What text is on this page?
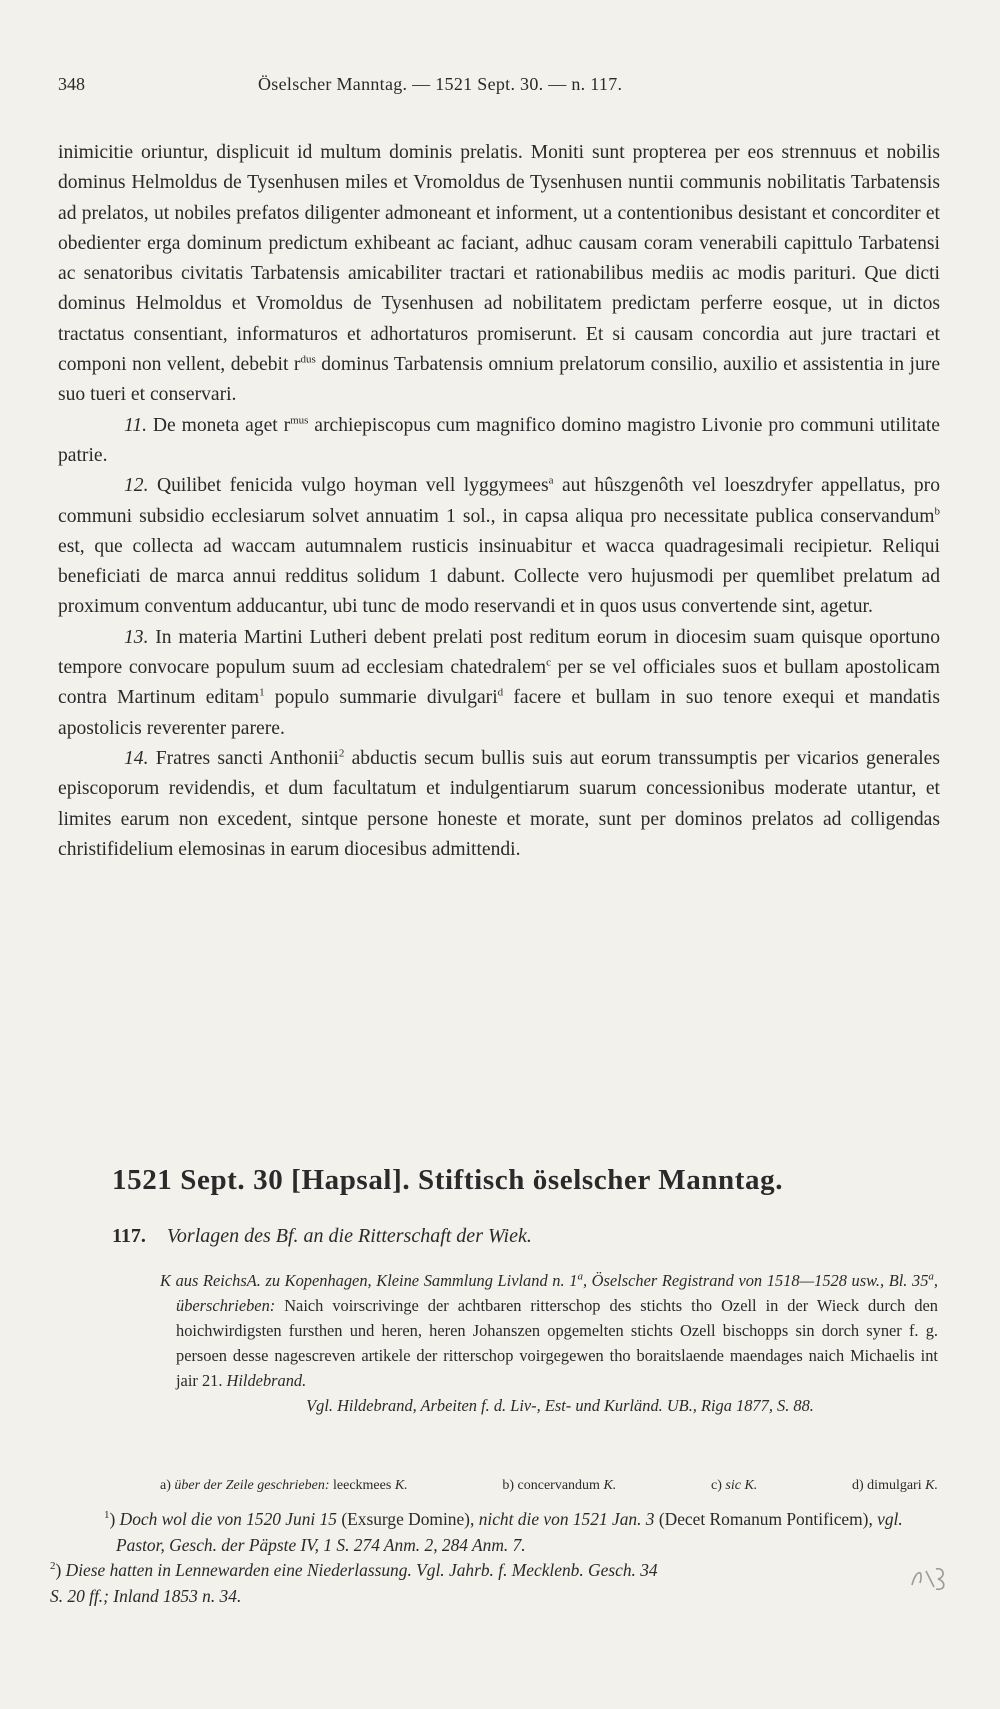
348	Öselscher Manntag. — 1521 Sept. 30. — n. 117.

inimicitie oriuntur, displicuit id multum dominis prelatis. Moniti sunt propterea per eos strennuus et nobilis dominus Helmoldus de Tysenhusen miles et Vromoldus de Tysenhusen nuntii communis nobilitatis Tarbatensis ad prelatos, ut nobiles prefatos diligenter admoneant et informent, ut a contentionibus desistant et concorditer et obedienter erga dominum predictum exhibeant ac faciant, adhuc causam coram venerabili capittulo Tarbatensi ac senatoribus civitatis Tarbatensis amicabiliter tractari et rationabilibus mediis ac modis parituri. Que dicti dominus Helmoldus et Vromoldus de Tysenhusen ad nobilitatem predictam perferre eosque, ut in dictos tractatus consentiant, informaturos et adhortaturos promiserunt. Et si causam concordia aut jure tractari et componi non vellent, debebit $r^{dus}$ dominus Tarbatensis omnium prelatorum consilio, auxilio et assistentia in jure suo tueri et conservari.

11. De moneta aget $r^{mus}$ archiepiscopus cum magnifico domino magistro Livonie pro communi utilitate patrie.

12. Quilibet fenicida vulgo hoyman vell lyggymees$^a$ aut hûszgenôth vel loeszdryfer appellatus, pro communi subsidio ecclesiarum solvet annuatim 1 sol., in capsa aliqua pro necessitate publica conservandum$^b$ est, que collecta ad waccam autumnalem rusticis insinuabitur et wacca quadragesimali recipietur. Reliqui beneficiati de marca annui redditus solidum 1 dabunt. Collecte vero hujusmodi per quemlibet prelatum ad proximum conventum adducantur, ubi tunc de modo reservandi et in quos usus convertende sint, agetur.

13. In materia Martini Lutheri debent prelati post reditum eorum in diocesim suam quisque oportuno tempore convocare populum suum ad ecclesiam chatedralem$^c$ per se vel officiales suos et bullam apostolicam contra Martinum editam$^1$ populo summarie divulgari$^d$ facere et bullam in suo tenore exequi et mandatis apostolicis reverenter parere.

14. Fratres sancti Anthonii$^2$ abductis secum bullis suis aut eorum transsumptis per vicarios generales episcoporum revidendis, et dum facultatum et indulgentiarum suarum concessionibus moderate utantur, et limites earum non excedent, sintque persone honeste et morate, sunt per dominos prelatos ad colligendas christifidelium elemosinas in earum diocesibus admittendi.

1521 Sept. 30 [Hapsal]. Stiftisch öselscher Manntag.
117. Vorlagen des Bf. an die Ritterschaft der Wiek.

K aus ReichsA. zu Kopenhagen, Kleine Sammlung Livland n. 1$^a$, Öselscher Registrand von 1518—1528 usw., Bl. 35$^a$, überschrieben: Naich voirscrivinge der achtbaren ritterschop des stichts tho Ozell in der Wieck durch den hoichwirdigsten fursthen und heren, heren Johanszen opgemelten stichts Ozell bischopps sin dorch syner f. g. persoen desse nagescreven artikele der ritterschop voirgegewen tho boraitslaende maendages naich Michaelis int jair 21. Hildebrand.

Vgl. Hildebrand, Arbeiten f. d. Liv-, Est- und Kurländ. UB., Riga 1877, S. 88.

a) über der Zeile geschrieben: leeckmees K.	b) concervandum K.	c) sic K.	d) dimulgari K.

$^1$) Doch wol die von 1520 Juni 15 (Exsurge Domine), nicht die von 1521 Jan. 3 (Decet Romanum Pontificem), vgl. Pastor, Gesch. der Päpste IV, 1 S. 274 Anm. 2, 284 Anm. 7.

$^2$) Diese hatten in Lennewarden eine Niederlassung. Vgl. Jahrb. f. Mecklenb. Gesch. 34

S. 20 ff.; Inland 1853 n. 34.
